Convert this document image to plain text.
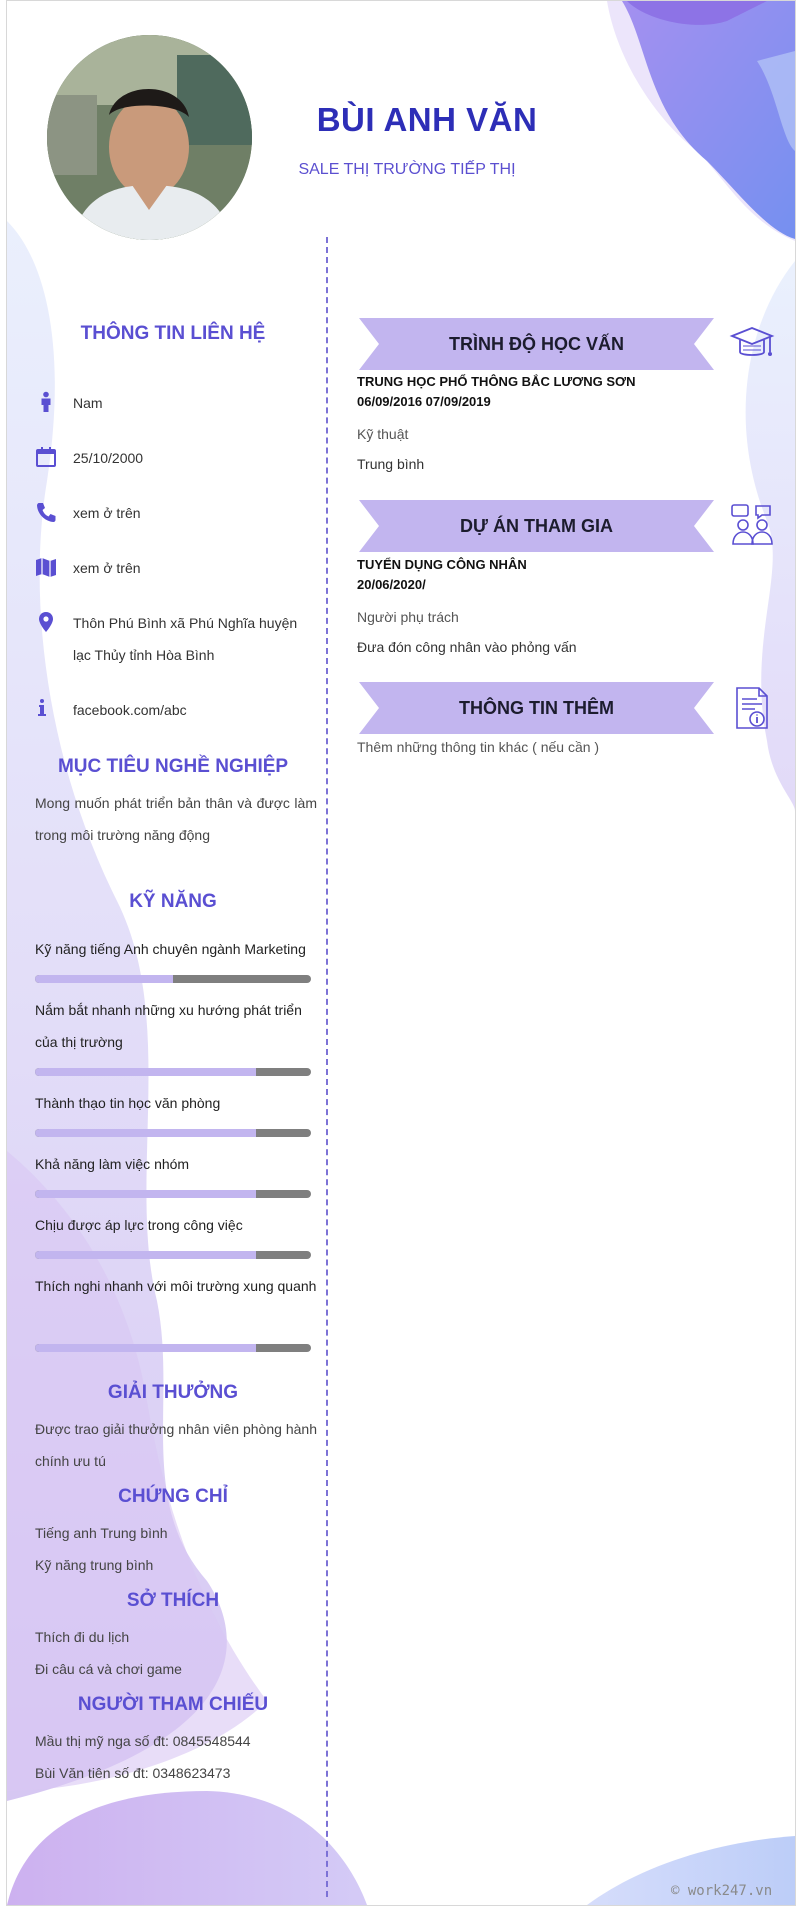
BÙI ANH VĂN
SALE THỊ TRƯỜNG TIẾP THỊ
THÔNG TIN LIÊN HỆ
Nam
25/10/2000
xem ở trên
xem ở trên
Thôn Phú Bình xã Phú Nghĩa huyện lạc Thủy tỉnh Hòa Bình
facebook.com/abc
MỤC TIÊU NGHỀ NGHIỆP
Mong muốn phát triển bản thân và được làm trong môi trường năng động
KỸ NĂNG
Kỹ năng tiếng Anh chuyên ngành Marketing
Nắm bắt nhanh những xu hướng phát triển của thị trường
Thành thạo tin học văn phòng
Khả năng làm việc nhóm
Chịu được áp lực trong công việc
Thích nghi nhanh với môi trường xung quanh
GIẢI THƯỞNG
Được trao giải thưởng nhân viên phòng hành chính ưu tú
CHỨNG CHỈ
Tiếng anh Trung bình
Kỹ năng trung bình
SỞ THÍCH
Thích đi du lịch
Đi câu cá và chơi game
NGƯỜI THAM CHIẾU
Mầu thị mỹ nga số đt: 0845548544
Bùi Văn tiên số đt: 0348623473
TRÌNH ĐỘ HỌC VẤN
TRUNG HỌC PHỔ THÔNG BẮC LƯƠNG SƠN
06/09/2016 07/09/2019
Kỹ thuật
Trung bình
DỰ ÁN THAM GIA
TUYỂN DỤNG CÔNG NHÂN
20/06/2020/
Người phụ trách
Đưa đón công nhân vào phỏng vấn
THÔNG TIN THÊM
Thêm những thông tin khác ( nếu cần )
© work247.vn
